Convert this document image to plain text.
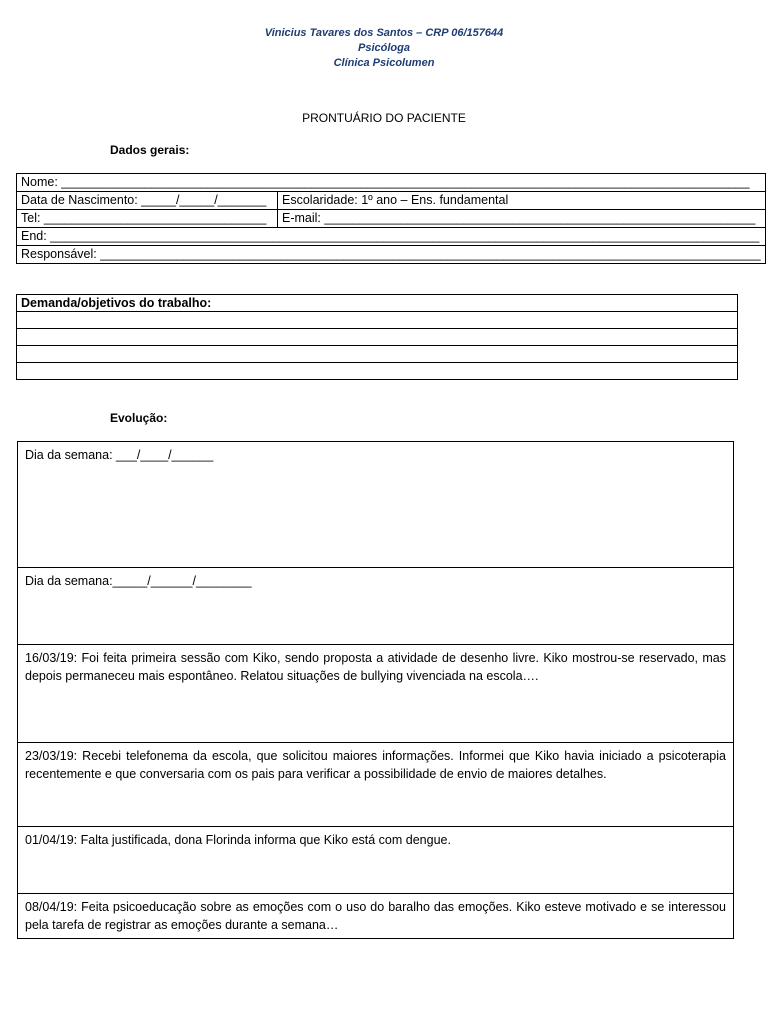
Vinicius Tavares dos Santos – CRP 06/157644
Psicóloga
Clínica Psicolumen
PRONTUÁRIO DO PACIENTE
Dados gerais:
Nome: ___________________________________________________________________________________________________	
Data de Nascimento: _____/_____/_______	Escolaridade: 1º ano – Ens. fundamental
Tel: ________________________________	E-mail: ______________________________________________________________
End: ______________________________________________________________________________________________________	
Responsável: _______________________________________________________________________________________________	
Demanda/objetivos do trabalho:

Evolução:
Dia da semana: ___/____/______

Dia da semana:_____/______/________

16/03/19: Foi feita primeira sessão com Kiko, sendo proposta a atividade de desenho livre. Kiko mostrou-se reservado, mas depois permaneceu mais espontâneo. Relatou situações de bullying vivenciada na escola….

23/03/19: Recebi telefonema da escola, que solicitou maiores informações. Informei que Kiko havia iniciado a psicoterapia recentemente e que conversaria com os pais para verificar a possibilidade de envio de maiores detalhes.

01/04/19: Falta justificada, dona Florinda informa que Kiko está com dengue.

08/04/19: Feita psicoeducação sobre as emoções com o uso do baralho das emoções. Kiko esteve motivado e se interessou pela tarefa de registrar as emoções durante a semana…
